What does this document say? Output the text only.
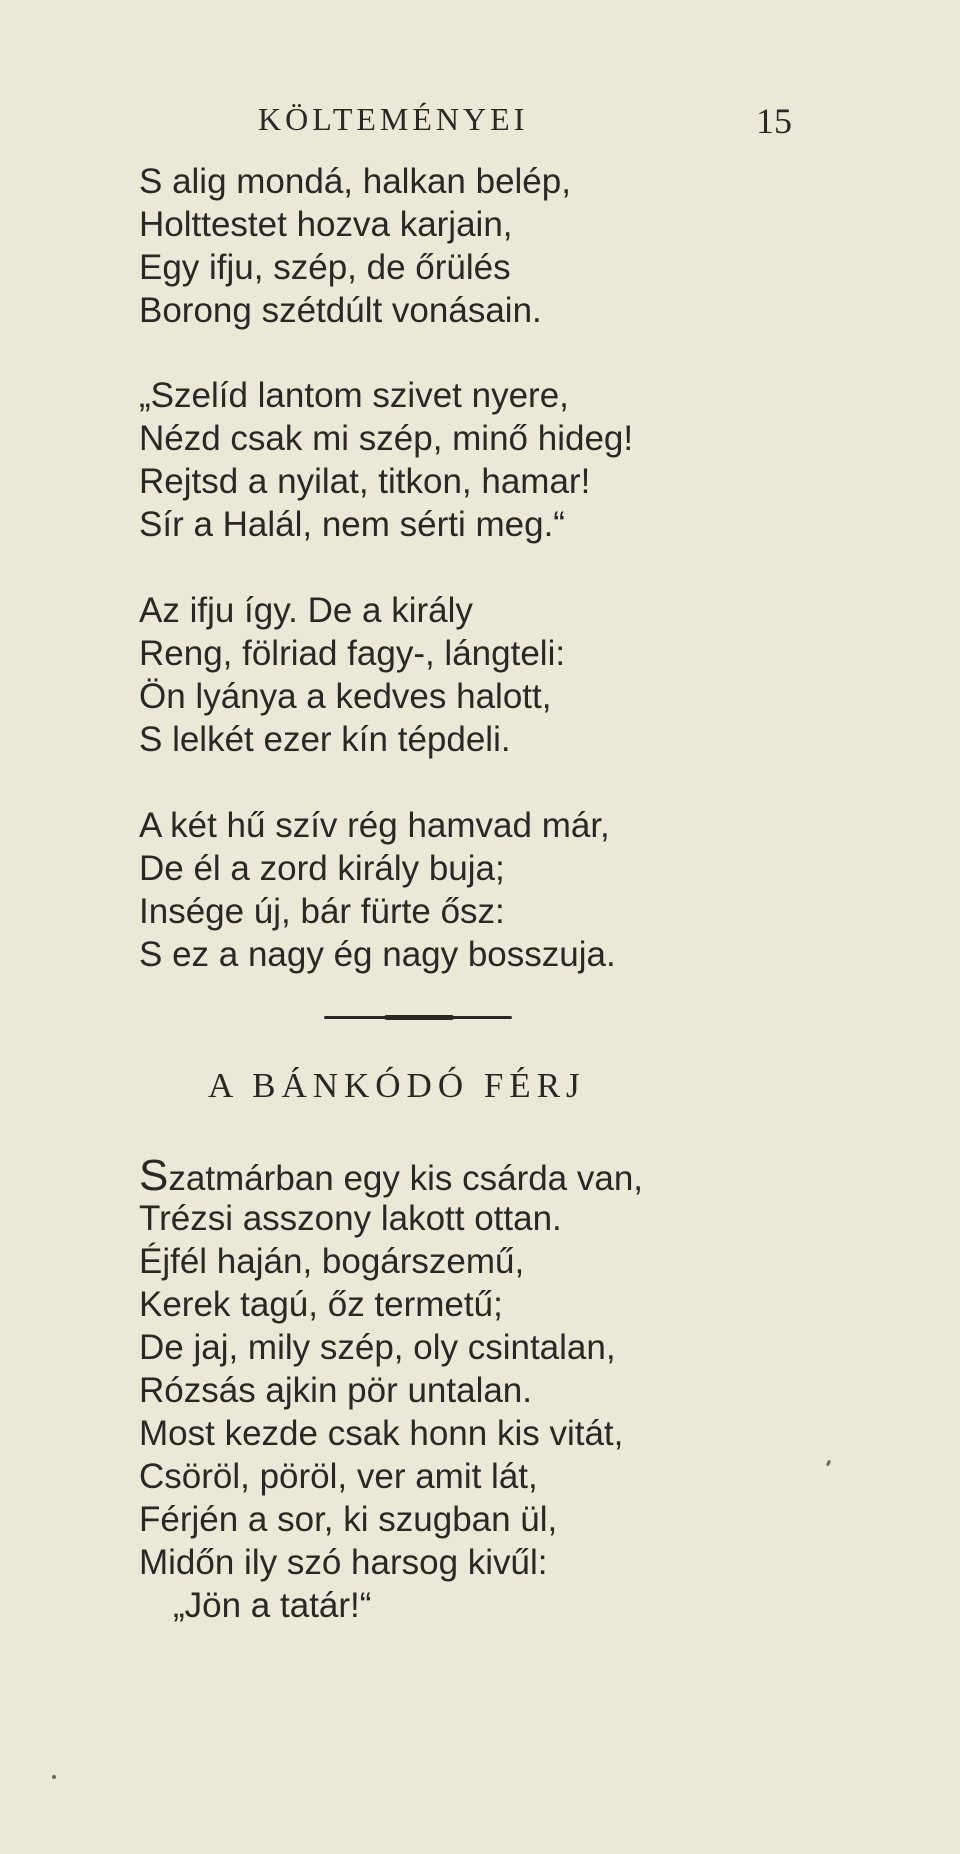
KÖLTEMÉNYEI	15
S alig mondá, halkan belép,
Holttestet hozva karjain,
Egy ifju, szép, de őrülés
Borong szétdúlt vonásain.
„Szelíd lantom szivet nyere,
Nézd csak mi szép, minő hideg!
Rejtsd a nyilat, titkon, hamar!
Sír a Halál, nem sérti meg.“
Az ifju így. De a király
Reng, fölriad fagy-, lángteli:
Ön lyánya a kedves halott,
S lelkét ezer kín tépdeli.
A két hű szív rég hamvad már,
De él a zord király buja;
Insége új, bár fürte ősz:
S ez a nagy ég nagy bosszuja.
A BÁNKÓDÓ FÉRJ
Szatmárban egy kis csárda van,
Trézsi asszony lakott ottan.
Éjfél haján, bogárszemű,
Kerek tagú, őz termetű;
De jaj, mily szép, oly csintalan,
Rózsás ajkin pör untalan.
Most kezde csak honn kis vitát,
Csöröl, pöröl, ver amit lát,
Férjén a sor, ki szugban ül,
Midőn ily szó harsog kivűl:
„Jön a tatár!“
